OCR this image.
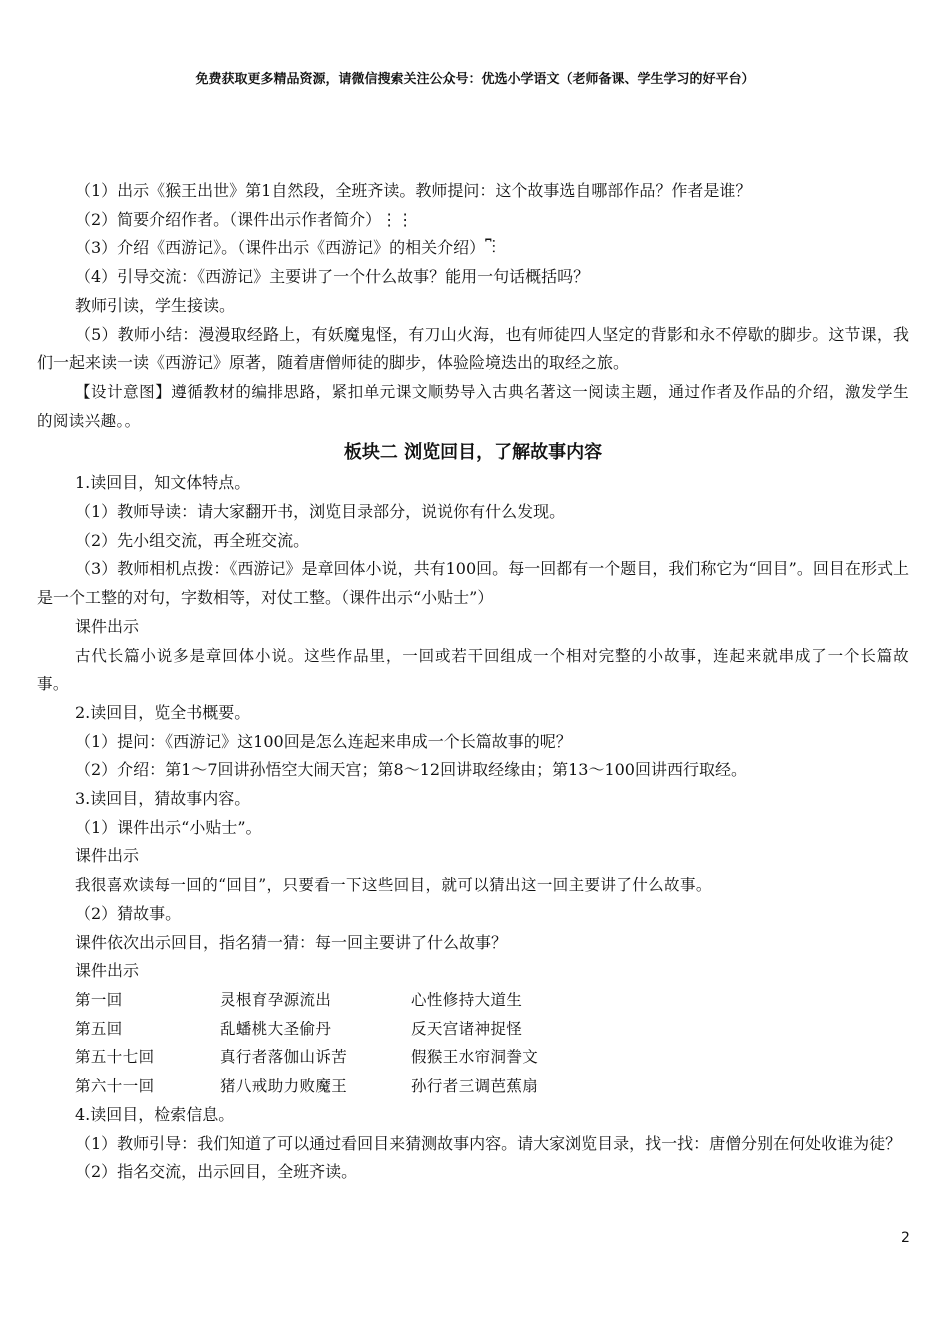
免费获取更多精品资源，请微信搜索关注公众号：优选小学语文（老师备课、学生学习的好平台）

（1）出示《猴王出世》第1自然段，全班齐读。教师提问：这个故事选自哪部作品？作者是谁？

（2）简要介绍作者。（课件出示作者简介）⋮⋮

（3）介绍《西游记》。（课件出示《西游记》的相关介绍）⎴⋮

（4）引导交流：《西游记》主要讲了一个什么故事？能用一句话概括吗？

教师引读，学生接读。

（5）教师小结：漫漫取经路上，有妖魔鬼怪，有刀山火海，也有师徒四人坚定的背影和永不停歇的脚步。这节课，我们一起来读一读《西游记》原著，随着唐僧师徒的脚步，体验险境迭出的取经之旅。

【设计意图】遵循教材的编排思路，紧扣单元课文顺势导入古典名著这一阅读主题，通过作者及作品的介绍，激发学生的阅读兴趣。。

板块二 浏览回目，了解故事内容

1.读回目，知文体特点。

（1）教师导读：请大家翻开书，浏览目录部分，说说你有什么发现。

（2）先小组交流，再全班交流。

（3）教师相机点拨：《西游记》是章回体小说，共有100回。每一回都有一个题目，我们称它为“回目”。回目在形式上是一个工整的对句，字数相等，对仗工整。（课件出示“小贴士”）

课件出示

古代长篇小说多是章回体小说。这些作品里，一回或若干回组成一个相对完整的小故事，连起来就串成了一个长篇故事。

2.读回目，览全书概要。

（1）提问：《西游记》这100回是怎么连起来串成一个长篇故事的呢？

（2）介绍：第1～7回讲孙悟空大闹天宫；第8～12回讲取经缘由；第13～100回讲西行取经。

3.读回目，猜故事内容。

（1）课件出示“小贴士”。

课件出示

我很喜欢读每一回的“回目”，只要看一下这些回目，就可以猜出这一回主要讲了什么故事。

（2）猜故事。

课件依次出示回目，指名猜一猜：每一回主要讲了什么故事？

课件出示

第一回	灵根育孕源流出	心性修持大道生
第五回	乱蟠桃大圣偷丹	反天宫诸神捉怪
第五十七回	真行者落伽山诉苦	假猴王水帘洞誊文
第六十一回	猪八戒助力败魔王	孙行者三调芭蕉扇

4.读回目，检索信息。

（1）教师引导：我们知道了可以通过看回目来猜测故事内容。请大家浏览目录，找一找：唐僧分别在何处收谁为徒？

（2）指名交流，出示回目，全班齐读。

2
